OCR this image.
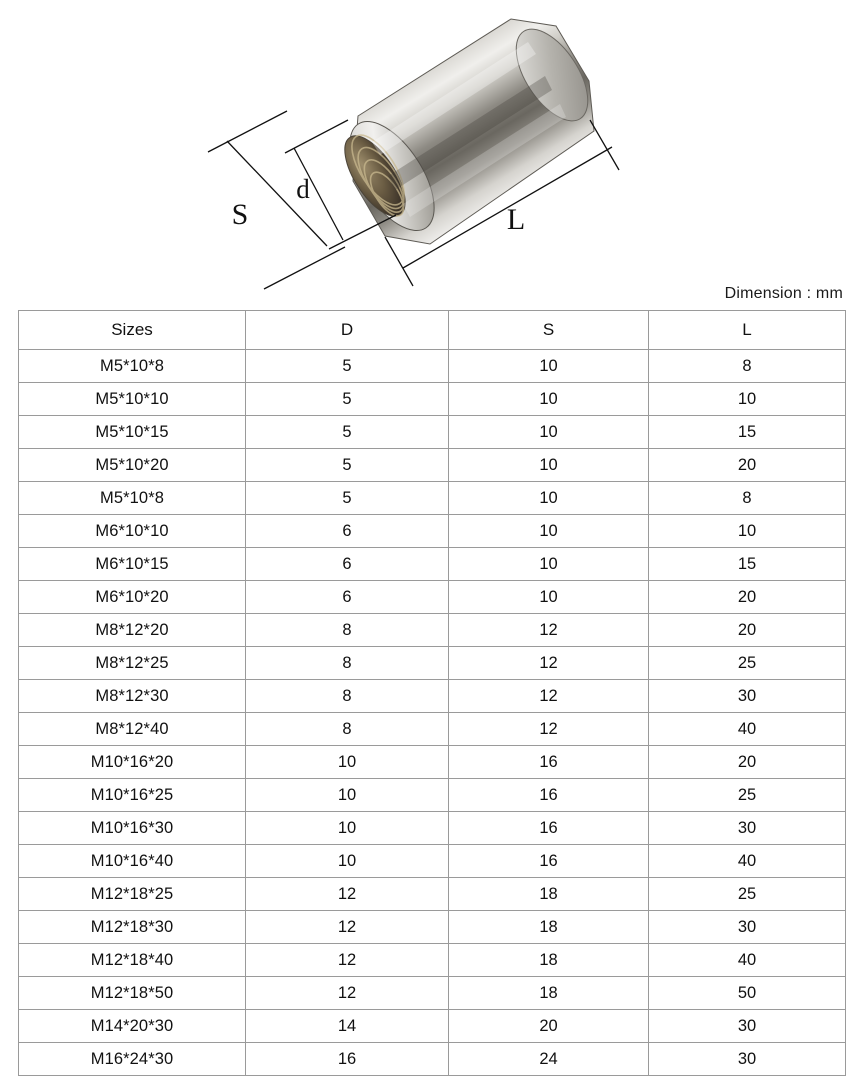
S
d
L
Dimension : mm
Sizes	D	S	L
M5*10*8	5	10	8
M5*10*10	5	10	10
M5*10*15	5	10	15
M5*10*20	5	10	20
M5*10*8	5	10	8
M6*10*10	6	10	10
M6*10*15	6	10	15
M6*10*20	6	10	20
M8*12*20	8	12	20
M8*12*25	8	12	25
M8*12*30	8	12	30
M8*12*40	8	12	40
M10*16*20	10	16	20
M10*16*25	10	16	25
M10*16*30	10	16	30
M10*16*40	10	16	40
M12*18*25	12	18	25
M12*18*30	12	18	30
M12*18*40	12	18	40
M12*18*50	12	18	50
M14*20*30	14	20	30
M16*24*30	16	24	30
